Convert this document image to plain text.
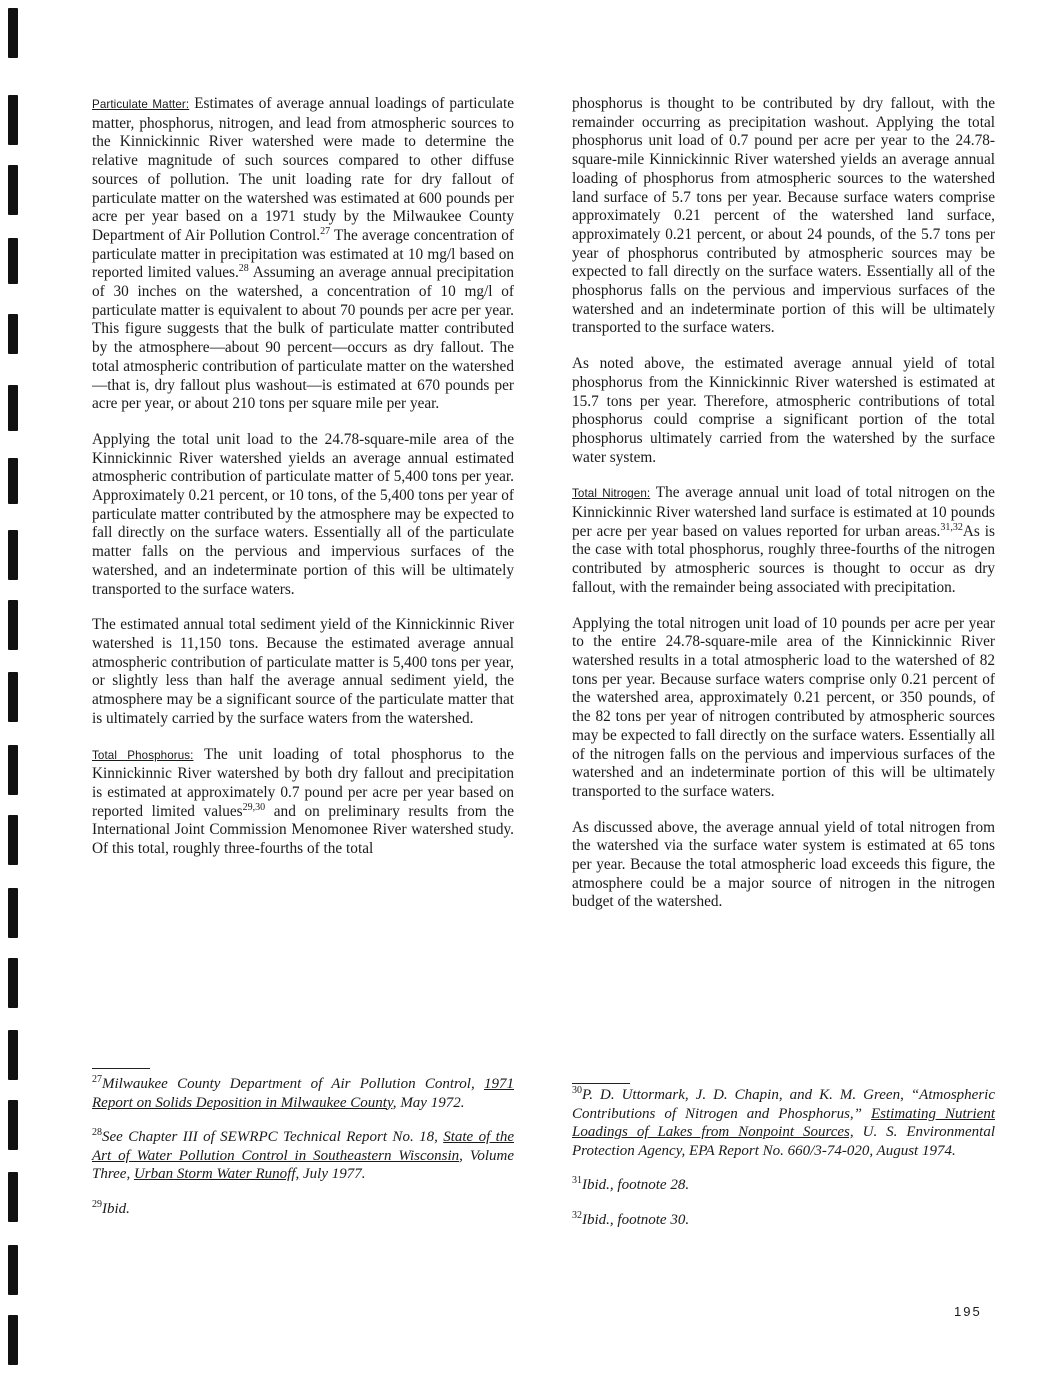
Particulate Matter: Estimates of average annual loadings of particulate matter, phosphorus, nitrogen, and lead from atmospheric sources to the Kinnickinnic River watershed were made to determine the relative magnitude of such sources compared to other diffuse sources of pollution. The unit loading rate for dry fallout of particulate matter on the watershed was estimated at 600 pounds per acre per year based on a 1971 study by the Milwaukee County Department of Air Pollution Control.$^{27}$ The average concentration of particulate matter in precipitation was estimated at 10 mg/l based on reported limited values.$^{28}$ Assuming an average annual precipitation of 30 inches on the watershed, a concentration of 10 mg/l of particulate matter is equivalent to about 70 pounds per acre per year. This figure suggests that the bulk of particulate matter contributed by the atmosphere—about 90 percent—occurs as dry fallout. The total atmospheric contribution of particulate matter on the watershed—that is, dry fallout plus washout—is estimated at 670 pounds per acre per year, or about 210 tons per square mile per year.

Applying the total unit load to the 24.78-square-mile area of the Kinnickinnic River watershed yields an average annual estimated atmospheric contribution of particulate matter of 5,400 tons per year. Approximately 0.21 percent, or 10 tons, of the 5,400 tons per year of particulate matter contributed by the atmosphere may be expected to fall directly on the surface waters. Essentially all of the particulate matter falls on the pervious and impervious surfaces of the watershed, and an indeterminate portion of this will be ultimately transported to the surface waters.

The estimated annual total sediment yield of the Kinnickinnic River watershed is 11,150 tons. Because the estimated average annual atmospheric contribution of particulate matter is 5,400 tons per year, or slightly less than half the average annual sediment yield, the atmosphere may be a significant source of the particulate matter that is ultimately carried by the surface waters from the watershed.

Total Phosphorus: The unit loading of total phosphorus to the Kinnickinnic River watershed by both dry fallout and precipitation is estimated at approximately 0.7 pound per acre per year based on reported limited values$^{29,30}$ and on preliminary results from the International Joint Commission Menomonee River watershed study. Of this total, roughly three-fourths of the total

phosphorus is thought to be contributed by dry fallout, with the remainder occurring as precipitation washout. Applying the total phosphorus unit load of 0.7 pound per acre per year to the 24.78-square-mile Kinnickinnic River watershed yields an average annual loading of phosphorus from atmospheric sources to the watershed land surface of 5.7 tons per year. Because surface waters comprise approximately 0.21 percent of the watershed land surface, approximately 0.21 percent, or about 24 pounds, of the 5.7 tons per year of phosphorus contributed by atmospheric sources may be expected to fall directly on the surface waters. Essentially all of the phosphorus falls on the pervious and impervious surfaces of the watershed and an indeterminate portion of this will be ultimately transported to the surface waters.

As noted above, the estimated average annual yield of total phosphorus from the Kinnickinnic River watershed is estimated at 15.7 tons per year. Therefore, atmospheric contributions of total phosphorus could comprise a significant portion of the total phosphorus ultimately carried from the watershed by the surface water system.

Total Nitrogen: The average annual unit load of total nitrogen on the Kinnickinnic River watershed land surface is estimated at 10 pounds per acre per year based on values reported for urban areas.$^{31,32}$As is the case with total phosphorus, roughly three-fourths of the nitrogen contributed by atmospheric sources is thought to occur as dry fallout, with the remainder being associated with precipitation.

Applying the total nitrogen unit load of 10 pounds per acre per year to the entire 24.78-square-mile area of the Kinnickinnic River watershed results in a total atmospheric load to the watershed of 82 tons per year. Because surface waters comprise only 0.21 percent of the watershed area, approximately 0.21 percent, or 350 pounds, of the 82 tons per year of nitrogen contributed by atmospheric sources may be expected to fall directly on the surface waters. Essentially all of the nitrogen falls on the pervious and impervious surfaces of the watershed and an indeterminate portion of this will be ultimately transported to the surface waters.

As discussed above, the average annual yield of total nitrogen from the watershed via the surface water system is estimated at 65 tons per year. Because the total atmospheric load exceeds this figure, the atmosphere could be a major source of nitrogen in the nitrogen budget of the watershed.

$^{27}$Milwaukee County Department of Air Pollution Control, 1971 Report on Solids Deposition in Milwaukee County, May 1972.

$^{28}$See Chapter III of SEWRPC Technical Report No. 18, State of the Art of Water Pollution Control in Southeastern Wisconsin, Volume Three, Urban Storm Water Runoff, July 1977.

$^{29}$Ibid.

$^{30}$P. D. Uttormark, J. D. Chapin, and K. M. Green, “Atmospheric Contributions of Nitrogen and Phosphorus,” Estimating Nutrient Loadings of Lakes from Nonpoint Sources, U. S. Environmental Protection Agency, EPA Report No. 660/3-74-020, August 1974.

$^{31}$Ibid., footnote 28.

$^{32}$Ibid., footnote 30.

195
